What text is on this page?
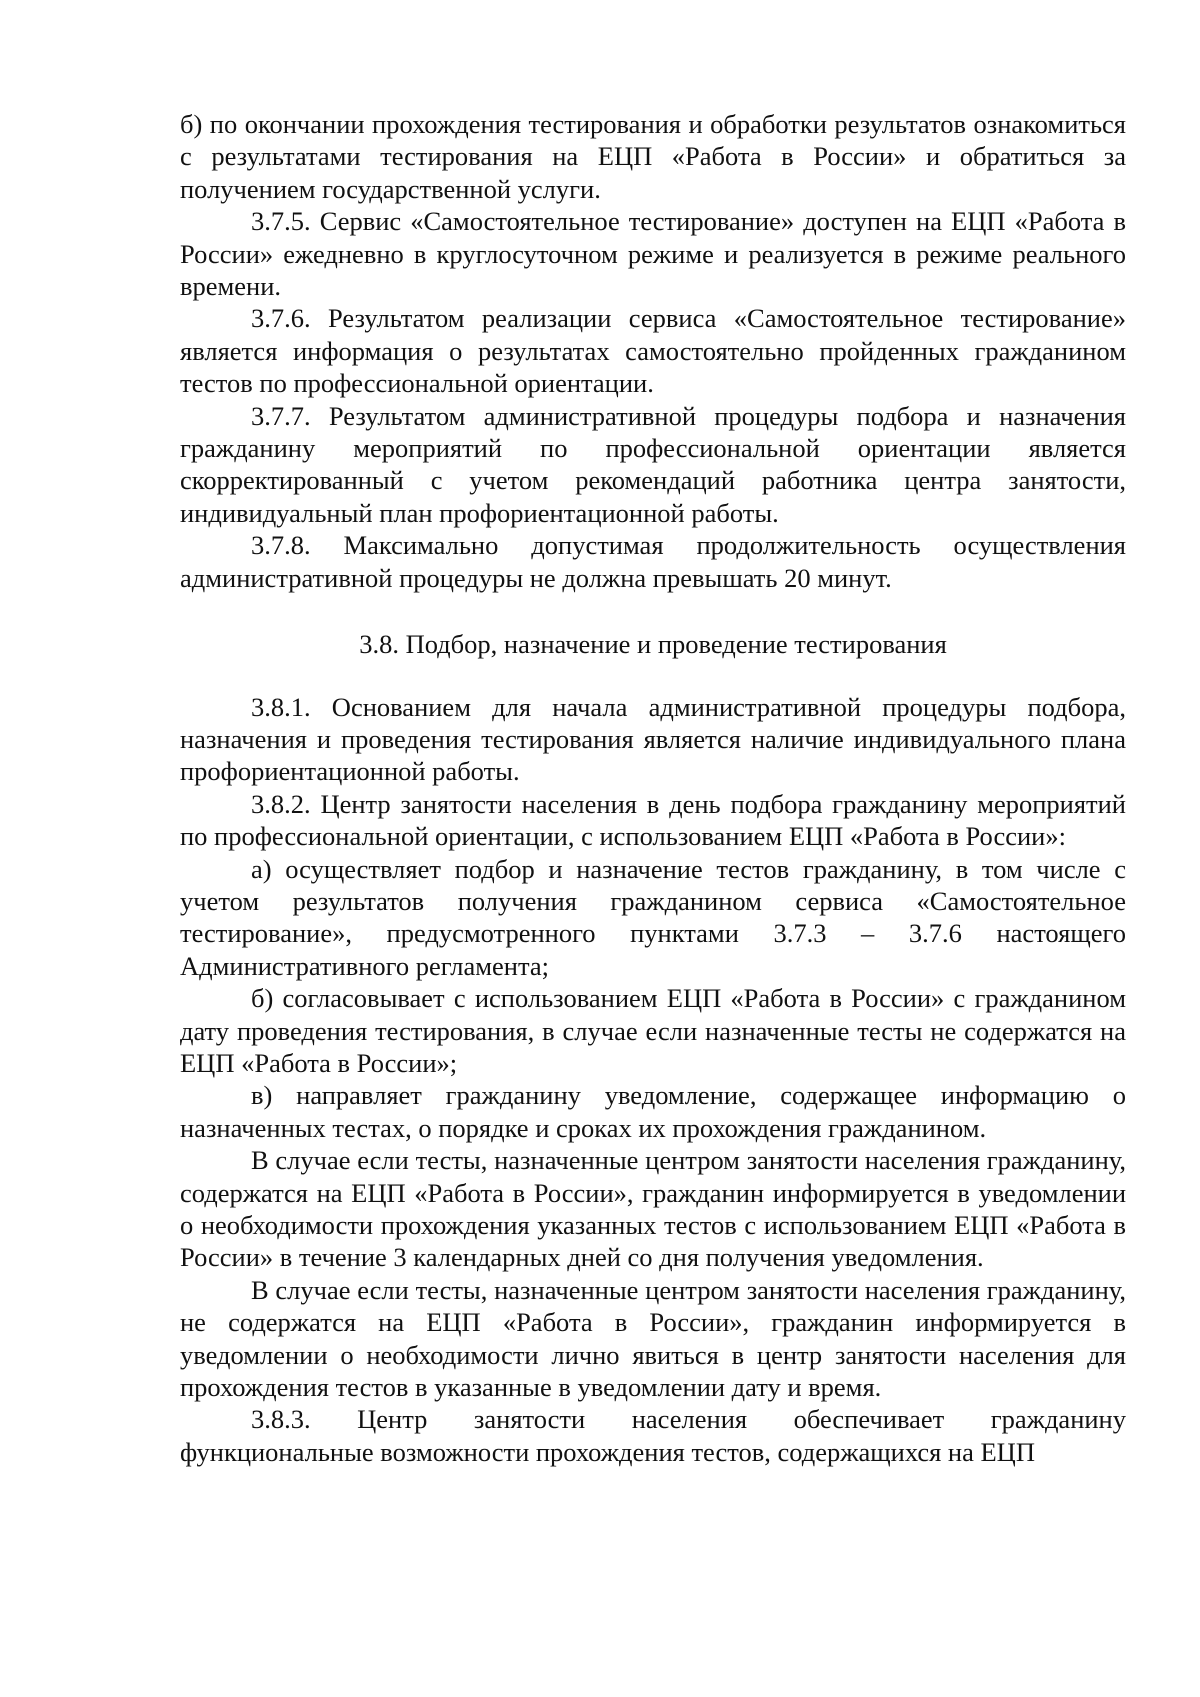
б) по окончании прохождения тестирования и обработки результатов ознакомиться с результатами тестирования на ЕЦП «Работа в России» и обратиться за получением государственной услуги.

3.7.5. Сервис «Самостоятельное тестирование» доступен на ЕЦП «Работа в России» ежедневно в круглосуточном режиме и реализуется в режиме реального времени.

3.7.6. Результатом реализации сервиса «Самостоятельное тестирование» является информация о результатах самостоятельно пройденных гражданином тестов по профессиональной ориентации.

3.7.7. Результатом административной процедуры подбора и назначения гражданину мероприятий по профессиональной ориентации является скорректированный с учетом рекомендаций работника центра занятости, индивидуальный план профориентационной работы.

3.7.8. Максимально допустимая продолжительность осуществления административной процедуры не должна превышать 20 минут.

3.8. Подбор, назначение и проведение тестирования

3.8.1. Основанием для начала административной процедуры подбора, назначения и проведения тестирования является наличие индивидуального плана профориентационной работы.

3.8.2. Центр занятости населения в день подбора гражданину мероприятий по профессиональной ориентации, с использованием ЕЦП «Работа в России»:

а) осуществляет подбор и назначение тестов гражданину, в том числе с учетом результатов получения гражданином сервиса «Самостоятельное тестирование», предусмотренного пунктами 3.7.3 – 3.7.6 настоящего Административного регламента;

б) согласовывает с использованием ЕЦП «Работа в России» с гражданином дату проведения тестирования, в случае если назначенные тесты не содержатся на ЕЦП «Работа в России»;

в) направляет гражданину уведомление, содержащее информацию о назначенных тестах, о порядке и сроках их прохождения гражданином.

В случае если тесты, назначенные центром занятости населения гражданину, содержатся на ЕЦП «Работа в России», гражданин информируется в уведомлении о необходимости прохождения указанных тестов с использованием ЕЦП «Работа в России» в течение 3 календарных дней со дня получения уведомления.

В случае если тесты, назначенные центром занятости населения гражданину, не содержатся на ЕЦП «Работа в России», гражданин информируется в уведомлении о необходимости лично явиться в центр занятости населения для прохождения тестов в указанные в уведомлении дату и время.

3.8.3. Центр занятости населения обеспечивает гражданину функциональные возможности прохождения тестов, содержащихся на ЕЦП
